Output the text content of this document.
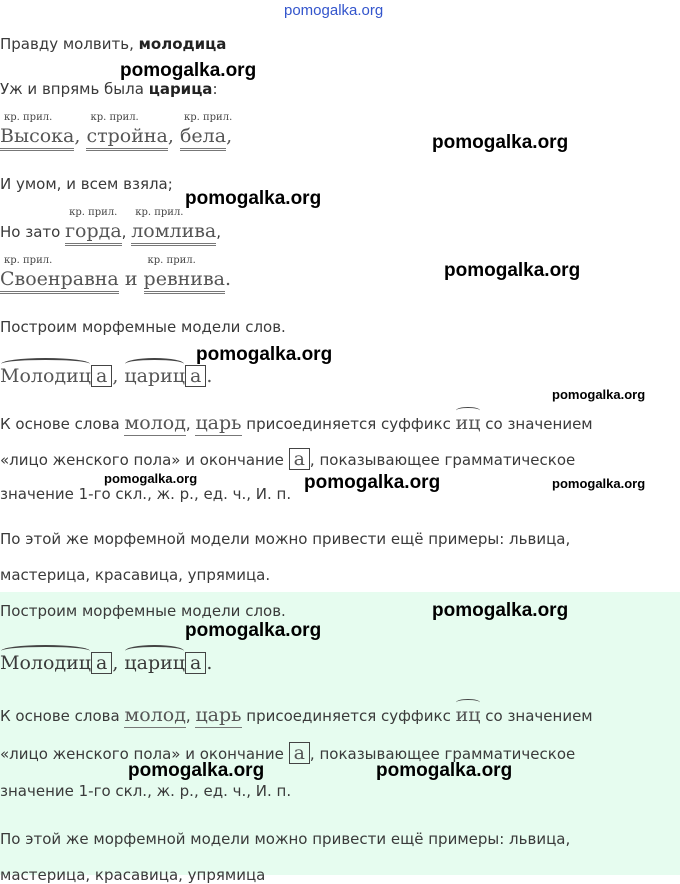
pomogalka.org
Правду молвить, молодица
pomogalka.org
Уж и впрямь была царица:
кр. прил.
Высока,
кр. прил.
стройна,
кр. прил.
бела,	pomogalka.org
И умом, и всем взяла;
pomogalka.org
Но зато
кр. прил.
горда,
кр. прил.
ломлива,
кр. прил.
Своенравна и
кр. прил.
ревнива.	pomogalka.org
Построим морфемные модели слов.
Молодиц а , цариц а .
pomogalka.org
pomogalka.org
К основе слова молод, царь присоединяется суффикс иц со значением
«лицо женского пола» и окончание а , показывающее грамматическое
pomogalka.org
значение 1-го скл., ж. р., ед. ч., И. п.
pomogalka.org	pomogalka.org
По этой же морфемной модели можно привести ещё примеры: львица,
мастерица, красавица, упрямица.
Построим морфемные модели слов.	pomogalka.org
pomogalka.org
Молодиц а , цариц а .
К основе слова молод, царь присоединяется суффикс иц со значением
«лицо женского пола» и окончание а , показывающее грамматическое
pomogalka.org	pomogalka.org
значение 1-го скл., ж. р., ед. ч., И. п.
По этой же морфемной модели можно привести ещё примеры: львица,
мастерица, красавица, упрямица
